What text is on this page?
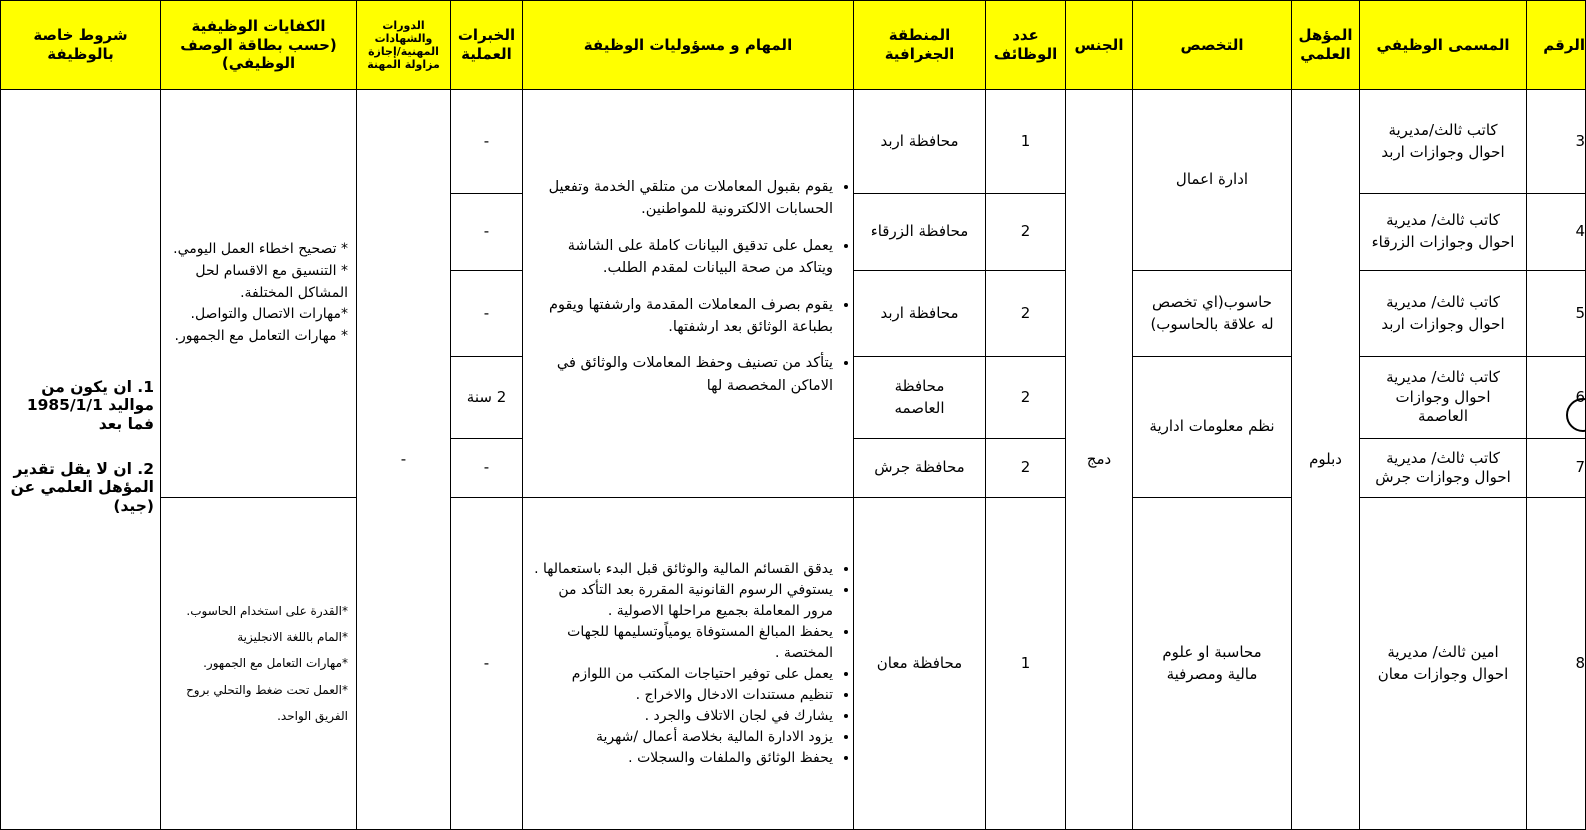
شروط خاصة بالوظيفة
الكفايات الوظيفية (حسب بطاقة الوصف الوظيفي)
الدورات والشهادات المهنية/إجازة مزاولة المهنة
الخبرات العملية
المهام و مسؤوليات الوظيفة
المنطقة الجغرافية
عدد الوظائف
الجنس	التخصص
المؤهل العلمي
المسمى الوظيفي	الرقم

1. ان يكون من مواليد 1985/1/1 فما بعد

2. ان لا يقل تقدير المؤهل العلمي عن (جيد)

* تصحيح اخطاء العمل اليومي.
* التنسيق مع الاقسام لحل المشاكل المختلفة.
*مهارات الاتصال والتواصل.
* مهارات التعامل مع الجمهور.
*القدرة على استخدام الحاسوب.
*المام باللغة الانجليزية
*مهارات التعامل مع الجمهور.
*العمل تحت ضغط والتحلي بروح الفريق الواحد.
-
-
-
-
2 سنة
-
-
• يقوم بقبول المعاملات من متلقي الخدمة وتفعيل الحسابات الالكترونية للمواطنين.
• يعمل على تدقيق البيانات كاملة على الشاشة ويتاكد من صحة البيانات لمقدم الطلب.
• يقوم بصرف المعاملات المقدمة وارشفتها ويقوم بطباعة الوثائق بعد ارشفتها.
• يتأكد من تصنيف وحفظ المعاملات والوثائق في الاماكن المخصصة لها
• يدقق القسائم المالية والوثائق قبل البدء باستعمالها .
• يستوفي الرسوم القانونية المقررة بعد التأكد من مرور المعاملة بجميع مراحلها الاصولية .
• يحفظ المبالغ المستوفاة يومياًوتسليمها للجهات المختصة .
• يعمل على توفير احتياجات المكتب من اللوازم
• تنظيم مستندات الادخال والاخراج .
• يشارك في لجان الاتلاف والجرد .
• يزود الادارة المالية بخلاصة أعمال /شهرية
• يحفظ الوثائق والملفات والسجلات .
محافظة اربد
محافظة الزرقاء
محافظة اربد
محافظة العاصمه
محافظة جرش
محافظة معان
1
2
2
2
2
1
دمج
ادارة اعمال
حاسوب(اي تخصص له علاقة بالحاسوب)
نظم معلومات ادارية
محاسبة او علوم مالية ومصرفية
دبلوم
كاتب ثالث/مديرية احوال وجوازات اربد
كاتب ثالث/ مديرية احوال وجوازات الزرقاء
كاتب ثالث/ مديرية احوال وجوازات اربد
كاتب ثالث/ مديرية احوال وجوازات العاصمة
كاتب ثالث/ مديرية احوال وجوازات جرش
امين ثالث/ مديرية احوال وجوازات معان
3
4
5
6
7
8
